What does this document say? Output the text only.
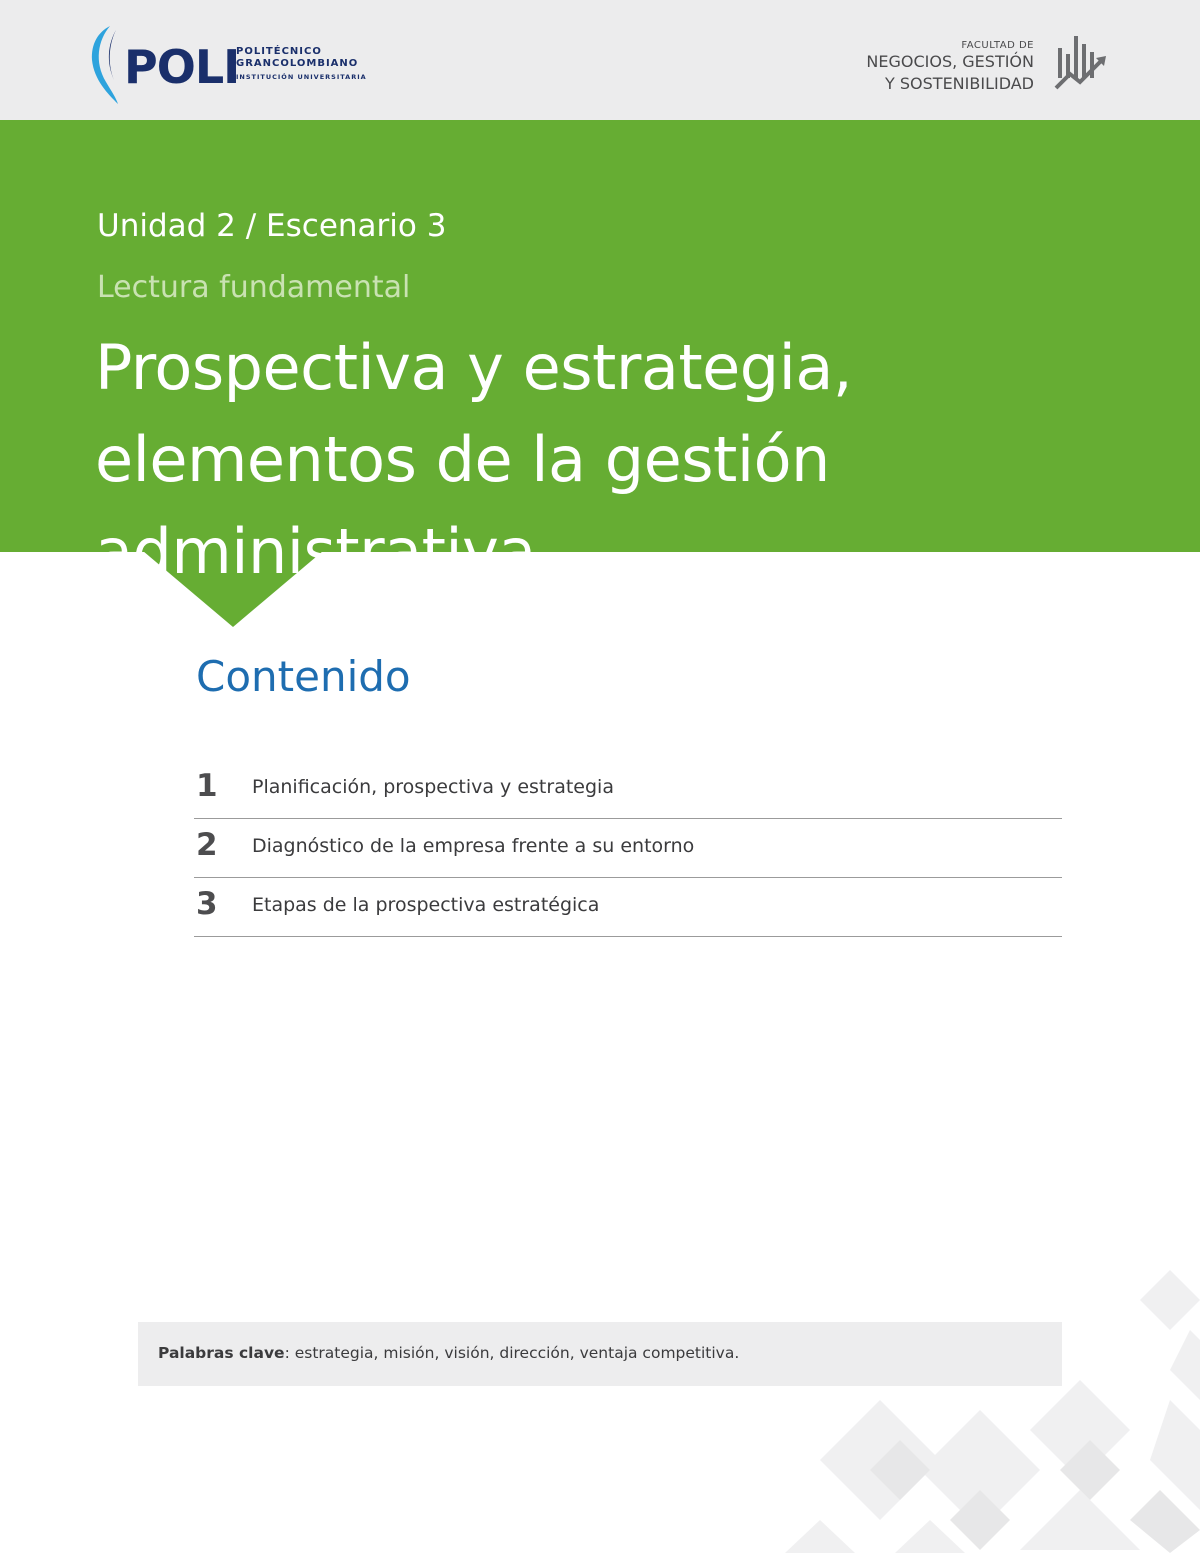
POLI
POLITÉCNICO
GRANCOLOMBIANO
INSTITUCIÓN UNIVERSITARIA
FACULTAD DE
NEGOCIOS, GESTIÓN
Y SOSTENIBILIDAD
Unidad 2 / Escenario 3
Lectura fundamental
Prospectiva y estrategia, elementos de la gestión administrativa
Contenido
1 Planificación, prospectiva y estrategia
2 Diagnóstico de la empresa frente a su entorno
3 Etapas de la prospectiva estratégica
Palabras clave: estrategia, misión, visión, dirección, ventaja competitiva.
